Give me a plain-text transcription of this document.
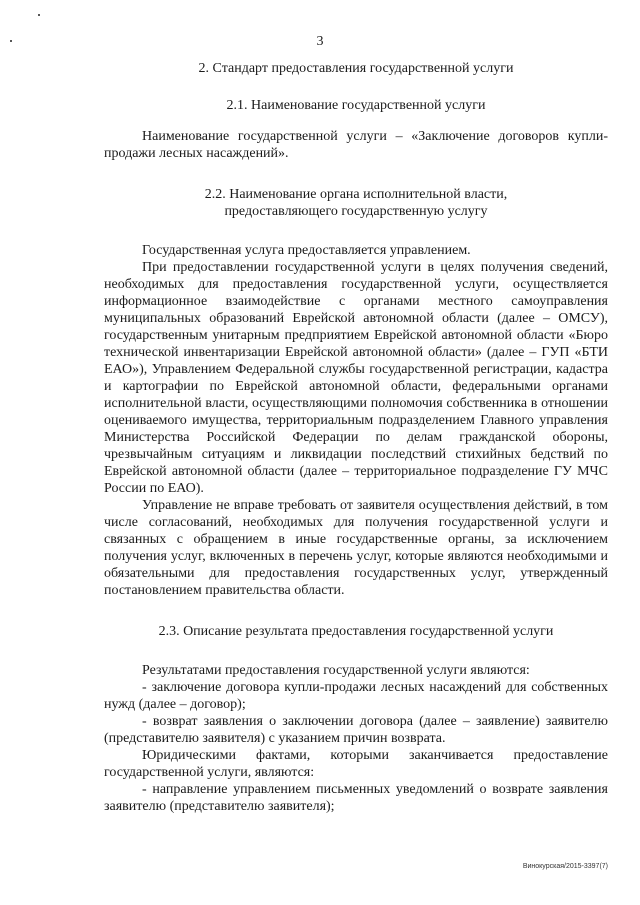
3

2. Стандарт предоставления государственной услуги

2.1. Наименование государственной услуги

Наименование государственной услуги – «Заключение договоров купли-продажи лесных насаждений».

2.2. Наименование органа исполнительной власти,

предоставляющего государственную услугу

Государственная услуга предоставляется управлением.

При предоставлении государственной услуги в целях получения сведений, необходимых для предоставления государственной услуги, осуществляется информационное взаимодействие с органами местного самоуправления муниципальных образований Еврейской автономной области (далее – ОМСУ), государственным унитарным предприятием Еврейской автономной области «Бюро технической инвентаризации Еврейской автономной области» (далее – ГУП «БТИ ЕАО»), Управлением Федеральной службы государственной регистрации, кадастра и картографии по Еврейской автономной области, федеральными органами исполнительной власти, осуществляющими полномочия собственника в отношении оцениваемого имущества, территориальным подразделением Главного управления Министерства Российской Федерации по делам гражданской обороны, чрезвычайным ситуациям и ликвидации последствий стихийных бедствий по Еврейской автономной области (далее – территориальное подразделение ГУ МЧС России по ЕАО).

Управление не вправе требовать от заявителя осуществления действий, в том числе согласований, необходимых для получения государственной услуги и связанных с обращением в иные государственные органы, за исключением получения услуг, включенных в перечень услуг, которые являются необходимыми и обязательными для предоставления государственных услуг, утвержденный постановлением правительства области.

2.3. Описание результата предоставления государственной услуги

Результатами предоставления государственной услуги являются:

- заключение договора купли-продажи лесных насаждений для собственных нужд (далее – договор);

- возврат заявления о заключении договора (далее – заявление) заявителю (представителю заявителя) с указанием причин возврата.

Юридическими фактами, которыми заканчивается предоставление государственной услуги, являются:

- направление управлением письменных уведомлений о возврате заявления заявителю (представителю заявителя);

Винокурская/2015-3397(7)
